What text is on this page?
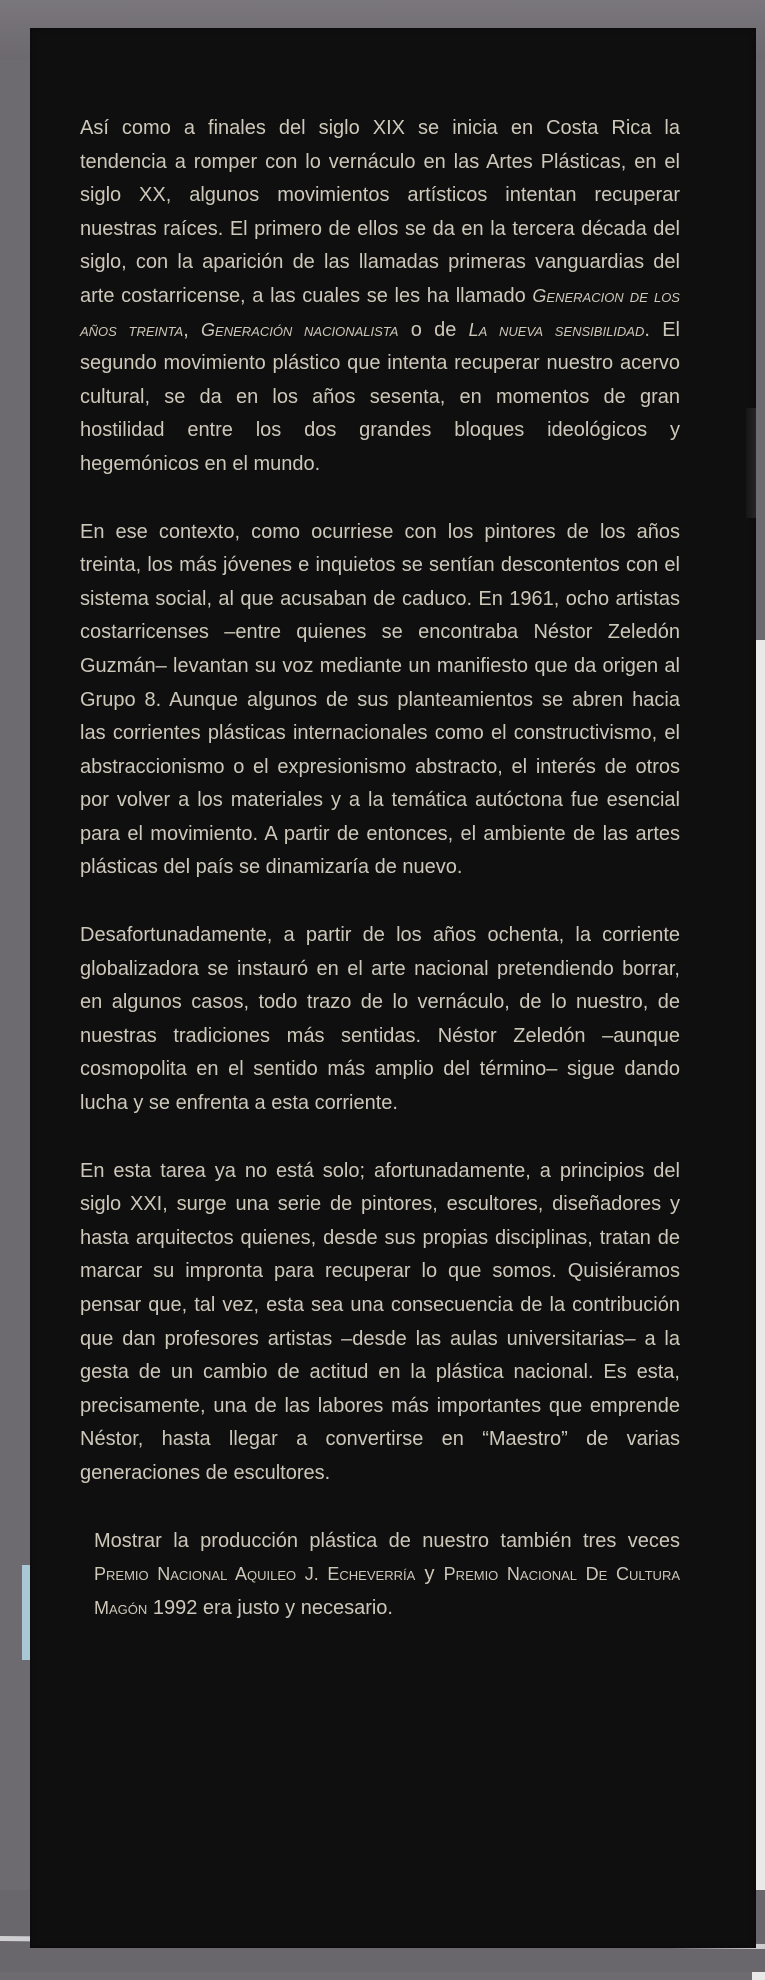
Así como a finales del siglo XIX se inicia en Costa Rica la tendencia a romper con lo vernáculo en las Artes Plásticas, en el siglo XX, algunos movimientos artísticos intentan recuperar nuestras raíces. El primero de ellos se da en la tercera década del siglo, con la aparición de las llamadas primeras vanguardias del arte costarricense, a las cuales se les ha llamado Generacion de los años treinta, Generación nacionalista o de La nueva sensibilidad. El segundo movimiento plástico que intenta recuperar nuestro acervo cultural, se da en los años sesenta, en momentos de gran hostilidad entre los dos grandes bloques ideológicos y hegemónicos en el mundo.

En ese contexto, como ocurriese con los pintores de los años treinta, los más jóvenes e inquietos se sentían descontentos con el sistema social, al que acusaban de caduco. En 1961, ocho artistas costarricenses –entre quienes se encontraba Néstor Zeledón Guzmán– levantan su voz mediante un manifiesto que da origen al Grupo 8. Aunque algunos de sus planteamientos se abren hacia las corrientes plásticas internacionales como el constructivismo, el abstraccionismo o el expresionismo abstracto, el interés de otros por volver a los materiales y a la temática autóctona fue esencial para el movimiento. A partir de entonces, el ambiente de las artes plásticas del país se dinamizaría de nuevo.

Desafortunadamente, a partir de los años ochenta, la corriente globalizadora se instauró en el arte nacional pretendiendo borrar, en algunos casos, todo trazo de lo vernáculo, de lo nuestro, de nuestras tradiciones más sentidas. Néstor Zeledón –aunque cosmopolita en el sentido más amplio del término– sigue dando lucha y se enfrenta a esta corriente.

En esta tarea ya no está solo; afortunadamente, a principios del siglo XXI, surge una serie de pintores, escultores, diseñadores y hasta arquitectos quienes, desde sus propias disciplinas, tratan de marcar su impronta para recuperar lo que somos. Quisiéramos pensar que, tal vez, esta sea una consecuencia de la contribución que dan profesores artistas –desde las aulas universitarias– a la gesta de un cambio de actitud en la plástica nacional. Es esta, precisamente, una de las labores más importantes que emprende Néstor, hasta llegar a convertirse en “Maestro” de varias generaciones de escultores.

Mostrar la producción plástica de nuestro también tres veces Premio Nacional Aquileo J. Echeverría y Premio Nacional De Cultura Magón 1992 era justo y necesario.
